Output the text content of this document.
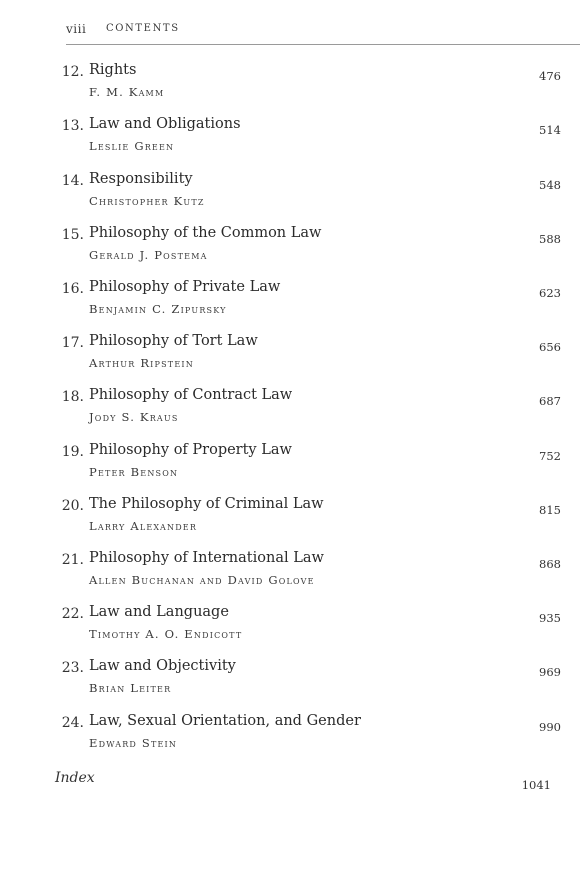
viii CONTENTS
12. Rights
F. M. Kamm
476
13. Law and Obligations
Leslie Green
514
14. Responsibility
Christopher Kutz
548
15. Philosophy of the Common Law
Gerald J. Postema
588
16. Philosophy of Private Law
Benjamin C. Zipursky
623
17. Philosophy of Tort Law
Arthur Ripstein
656
18. Philosophy of Contract Law
Jody S. Kraus
687
19. Philosophy of Property Law
Peter Benson
752
20. The Philosophy of Criminal Law
Larry Alexander
815
21. Philosophy of International Law
Allen Buchanan and David Golove
868
22. Law and Language
Timothy A. O. Endicott
935
23. Law and Objectivity
Brian Leiter
969
24. Law, Sexual Orientation, and Gender
Edward Stein
990
Index	1041
